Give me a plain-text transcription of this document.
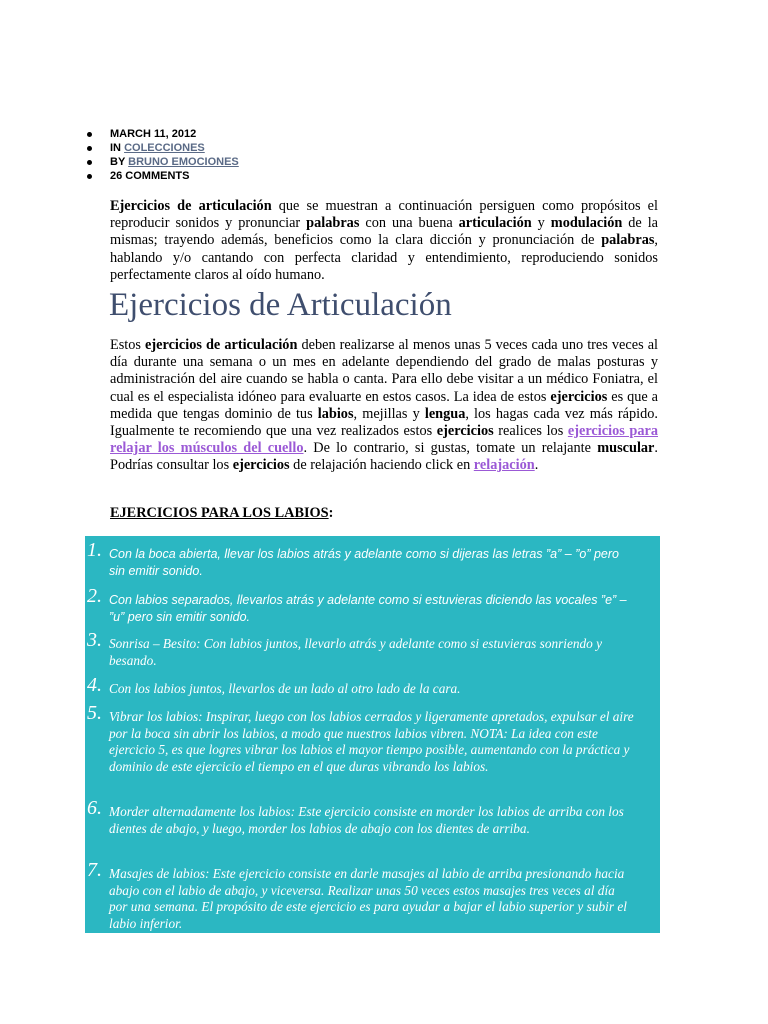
MARCH 11, 2012
IN COLECCIONES
BY BRUNO EMOCIONES
26 COMMENTS

Ejercicios de articulación que se muestran a continuación persiguen como propósitos el reproducir sonidos y pronunciar palabras con una buena articulación y modulación de la mismas; trayendo además, beneficios como la clara dicción y pronunciación de palabras, hablando y/o cantando con perfecta claridad y entendimiento, reproduciendo sonidos perfectamente claros al oído humano.

Ejercicios de Articulación

Estos ejercicios de articulación deben realizarse al menos unas 5 veces cada uno tres veces al día durante una semana o un mes en adelante dependiendo del grado de malas posturas y administración del aire cuando se habla o canta. Para ello debe visitar a un médico Foniatra, el cual es el especialista idóneo para evaluarte en estos casos. La idea de estos ejercicios es que a medida que tengas dominio de tus labios, mejillas y lengua, los hagas cada vez más rápido. Igualmente te recomiendo que una vez realizados estos ejercicios realices los ejercicios para relajar los músculos del cuello. De lo contrario, si gustas, tomate un relajante muscular. Podrías consultar los ejercicios de relajación haciendo click en relajación.

EJERCICIOS PARA LOS LABIOS:
1. Con la boca abierta, llevar los labios atrás y adelante como si dijeras las letras ”a” – ”o” pero sin emitir sonido.
2. Con labios separados, llevarlos atrás y adelante como si estuvieras diciendo las vocales ”e” – ”u” pero sin emitir sonido.
3. Sonrisa – Besito: Con labios juntos, llevarlo atrás y adelante como si estuvieras sonriendo y besando.
4. Con los labios juntos, llevarlos de un lado al otro lado de la cara.
5. Vibrar los labios: Inspirar, luego con los labios cerrados y ligeramente apretados, expulsar el aire por la boca sin abrir los labios, a modo que nuestros labios vibren. NOTA: La idea con este ejercicio 5, es que logres vibrar los labios el mayor tiempo posible, aumentando con la práctica y dominio de este ejercicio el tiempo en el que duras vibrando los labios.
6. Morder alternadamente los labios: Este ejercicio consiste en morder los labios de arriba con los dientes de abajo, y luego, morder los labios de abajo con los dientes de arriba.
7. Masajes de labios: Este ejercicio consiste en darle masajes al labio de arriba presionando hacia abajo con el labio de abajo, y viceversa. Realizar unas 50 veces estos masajes tres veces al día por una semana. El propósito de este ejercicio es para ayudar a bajar el labio superior y subir el labio inferior.
